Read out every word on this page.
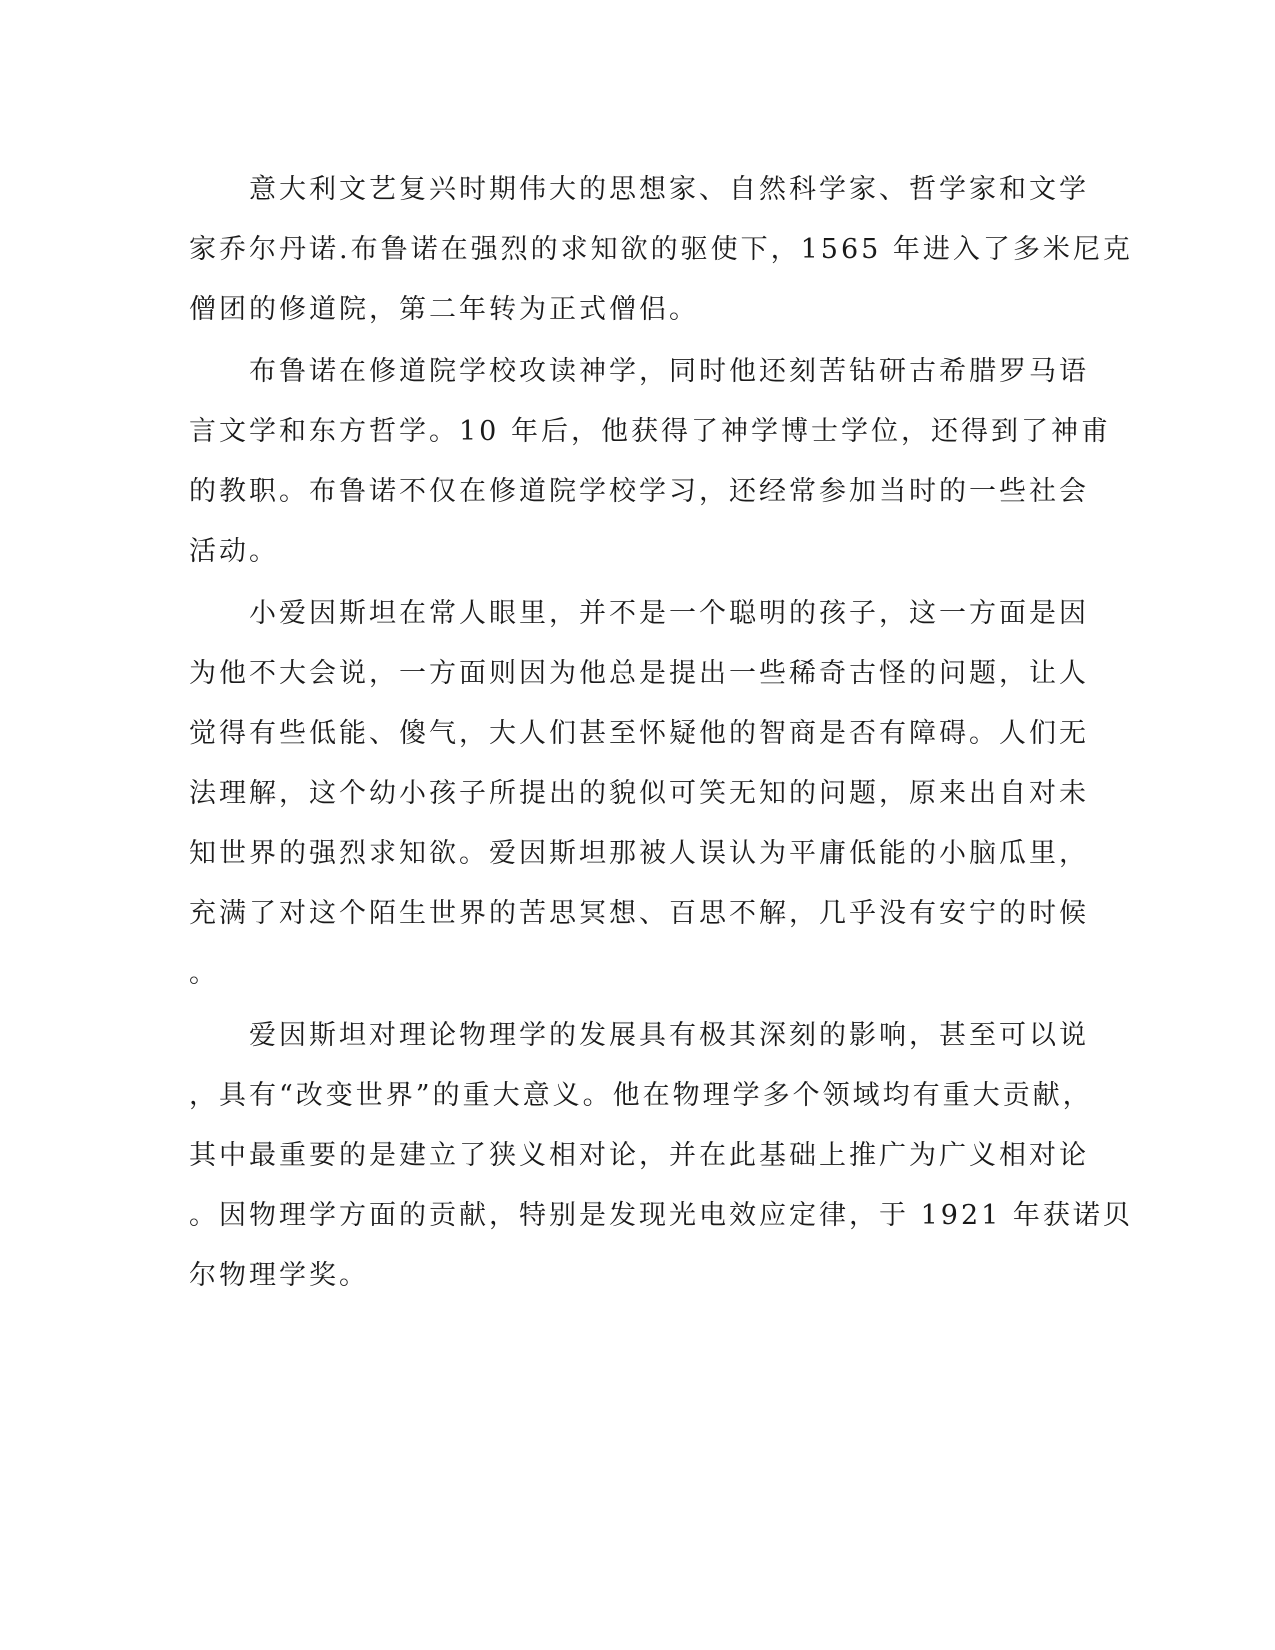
　　意大利文艺复兴时期伟大的思想家、自然科学家、哲学家和文学
家乔尔丹诺.布鲁诺在强烈的求知欲的驱使下，1565 年进入了多米尼克
僧团的修道院，第二年转为正式僧侣。
　　布鲁诺在修道院学校攻读神学，同时他还刻苦钻研古希腊罗马语
言文学和东方哲学。10 年后，他获得了神学博士学位，还得到了神甫
的教职。布鲁诺不仅在修道院学校学习，还经常参加当时的一些社会
活动。
　　小爱因斯坦在常人眼里，并不是一个聪明的孩子，这一方面是因
为他不大会说，一方面则因为他总是提出一些稀奇古怪的问题，让人
觉得有些低能、傻气，大人们甚至怀疑他的智商是否有障碍。人们无
法理解，这个幼小孩子所提出的貌似可笑无知的问题，原来出自对未
知世界的强烈求知欲。爱因斯坦那被人误认为平庸低能的小脑瓜里，
充满了对这个陌生世界的苦思冥想、百思不解，几乎没有安宁的时候
。
　　爱因斯坦对理论物理学的发展具有极其深刻的影响，甚至可以说
，具有“改变世界”的重大意义。他在物理学多个领域均有重大贡献，
其中最重要的是建立了狭义相对论，并在此基础上推广为广义相对论
。因物理学方面的贡献，特别是发现光电效应定律，于 1921 年获诺贝
尔物理学奖。
